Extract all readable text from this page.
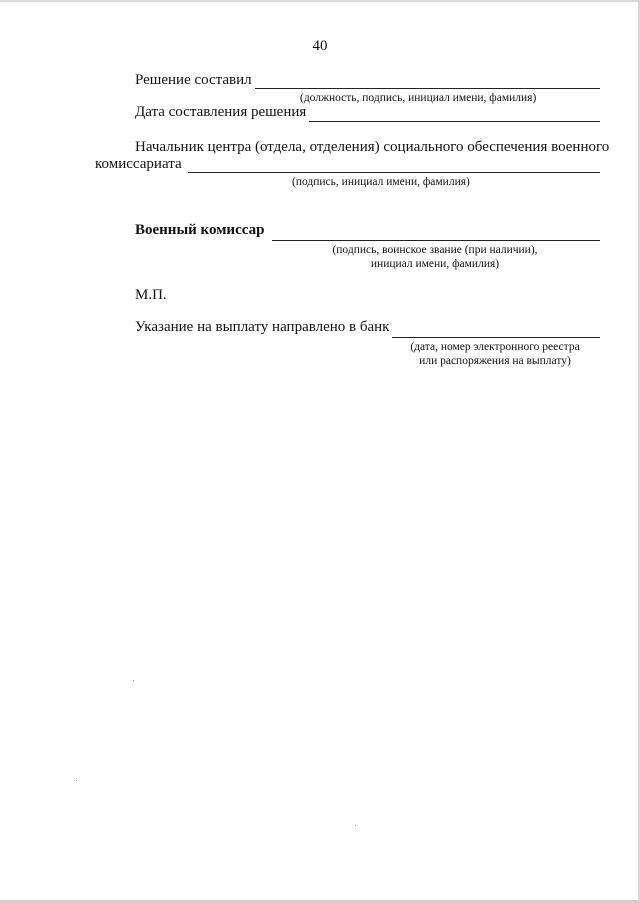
40
Решение составил
(должность, подпись, инициал имени, фамилия)
Дата составления решения
Начальник центра (отдела, отделения) социального обеспечения военного
комиссариата
(подпись, инициал имени, фамилия)
Военный комиссар
(подпись, воинское звание (при наличии),
инициал имени, фамилия)
М.П.
Указание на выплату направлено в банк
(дата, номер электронного реестра
или распоряжения на выплату)
